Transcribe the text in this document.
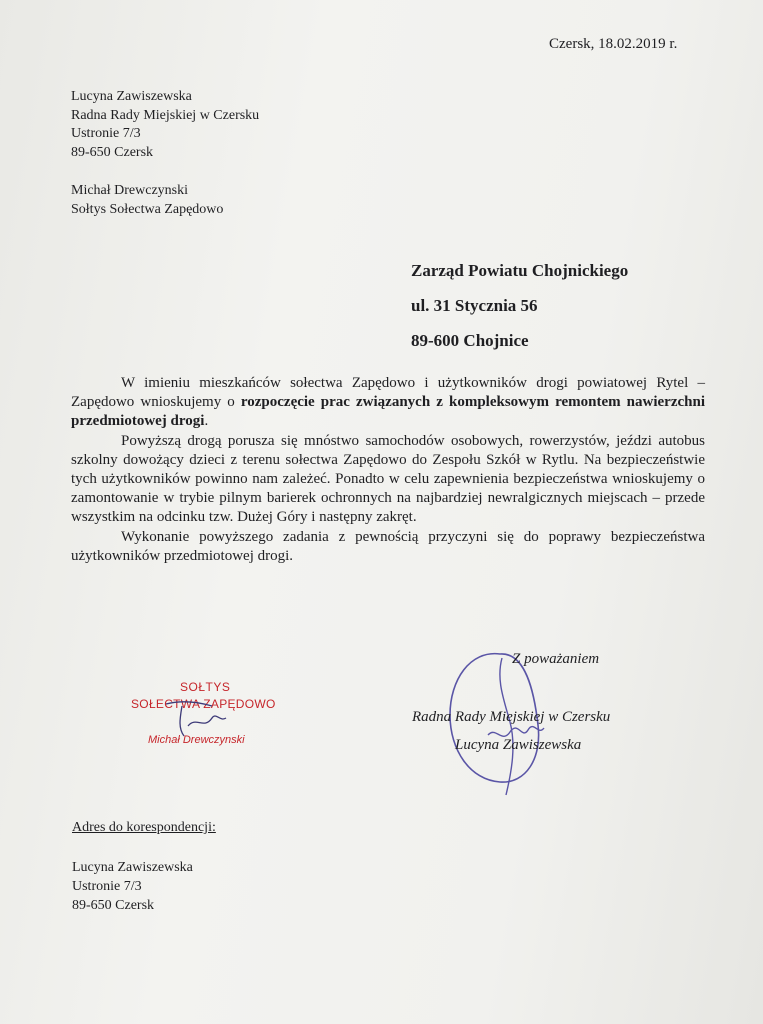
Czersk, 18.02.2019 r.
Lucyna Zawiszewska
Radna Rady Miejskiej w Czersku
Ustronie 7/3
89-650 Czersk
Michał Drewczynski
Sołtys Sołectwa Zapędowo
Zarząd Powiatu Chojnickiego
ul. 31 Stycznia 56
89-600 Chojnice

W imieniu mieszkańców sołectwa Zapędowo i użytkowników drogi powiatowej Rytel – Zapędowo wnioskujemy o rozpoczęcie prac związanych z kompleksowym remontem nawierzchni przedmiotowej drogi.

Powyższą drogą porusza się mnóstwo samochodów osobowych, rowerzystów, jeździ autobus szkolny dowożący dzieci z terenu sołectwa Zapędowo do Zespołu Szkół w Rytlu. Na bezpieczeństwie tych użytkowników powinno nam zależeć. Ponadto w celu zapewnienia bezpieczeństwa wnioskujemy o zamontowanie w trybie pilnym barierek ochronnych na najbardziej newralgicznych miejscach – przede wszystkim na odcinku tzw. Dużej Góry i następny zakręt.

Wykonanie powyższego zadania z pewnością przyczyni się do poprawy bezpieczeństwa użytkowników przedmiotowej drogi.

Z poważaniem
Radna Rady Miejskiej w Czersku
Lucyna Zawiszewska
SOŁTYS
SOŁECTWA ZAPĘDOWO
Michał Drewczynski
Adres do korespondencji:
Lucyna Zawiszewska
Ustronie 7/3
89-650 Czersk
